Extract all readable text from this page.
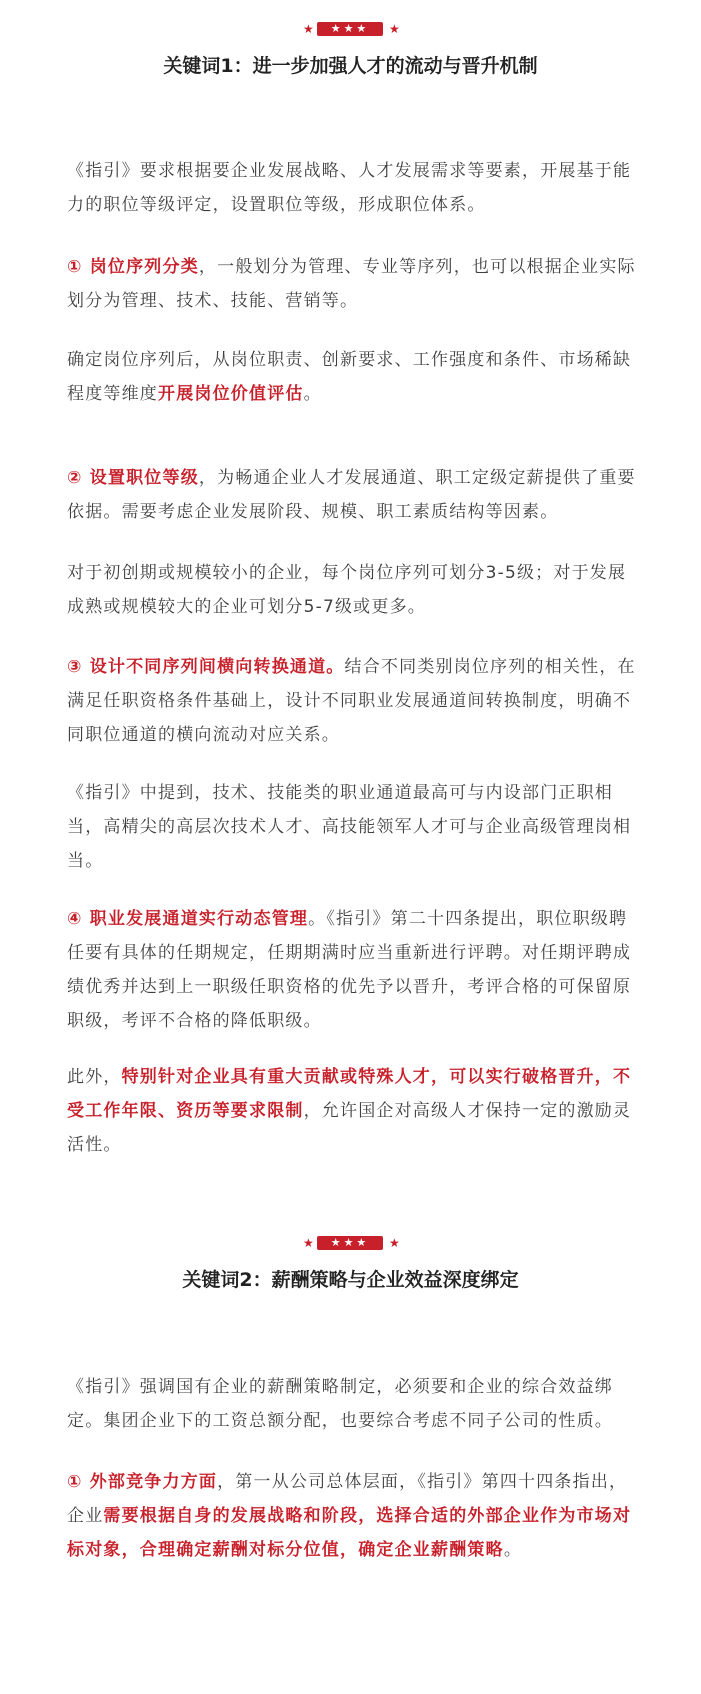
★	★★★	★
关键词1：进一步加强人才的流动与晋升机制

《指引》要求根据要企业发展战略、人才发展需求等要素，开展基于能力的职位等级评定，设置职位等级，形成职位体系。

① 岗位序列分类，一般划分为管理、专业等序列，也可以根据企业实际划分为管理、技术、技能、营销等。

确定岗位序列后，从岗位职责、创新要求、工作强度和条件、市场稀缺程度等维度开展岗位价值评估。

② 设置职位等级，为畅通企业人才发展通道、职工定级定薪提供了重要依据。需要考虑企业发展阶段、规模、职工素质结构等因素。

对于初创期或规模较小的企业，每个岗位序列可划分3-5级；对于发展成熟或规模较大的企业可划分5-7级或更多。

③ 设计不同序列间横向转换通道。结合不同类别岗位序列的相关性，在满足任职资格条件基础上，设计不同职业发展通道间转换制度，明确不同职位通道的横向流动对应关系。

《指引》中提到，技术、技能类的职业通道最高可与内设部门正职相当，高精尖的高层次技术人才、高技能领军人才可与企业高级管理岗相当。

④ 职业发展通道实行动态管理。《指引》第二十四条提出，职位职级聘任要有具体的任期规定，任期期满时应当重新进行评聘。对任期评聘成绩优秀并达到上一职级任职资格的优先予以晋升，考评合格的可保留原职级，考评不合格的降低职级。

此外，特别针对企业具有重大贡献或特殊人才，可以实行破格晋升，不受工作年限、资历等要求限制，允许国企对高级人才保持一定的激励灵活性。

★	★★★	★
关键词2：薪酬策略与企业效益深度绑定

《指引》强调国有企业的薪酬策略制定，必须要和企业的综合效益绑定。集团企业下的工资总额分配，也要综合考虑不同子公司的性质。

① 外部竞争力方面，第一从公司总体层面，《指引》第四十四条指出，企业需要根据自身的发展战略和阶段，选择合适的外部企业作为市场对标对象，合理确定薪酬对标分位值，确定企业薪酬策略。
